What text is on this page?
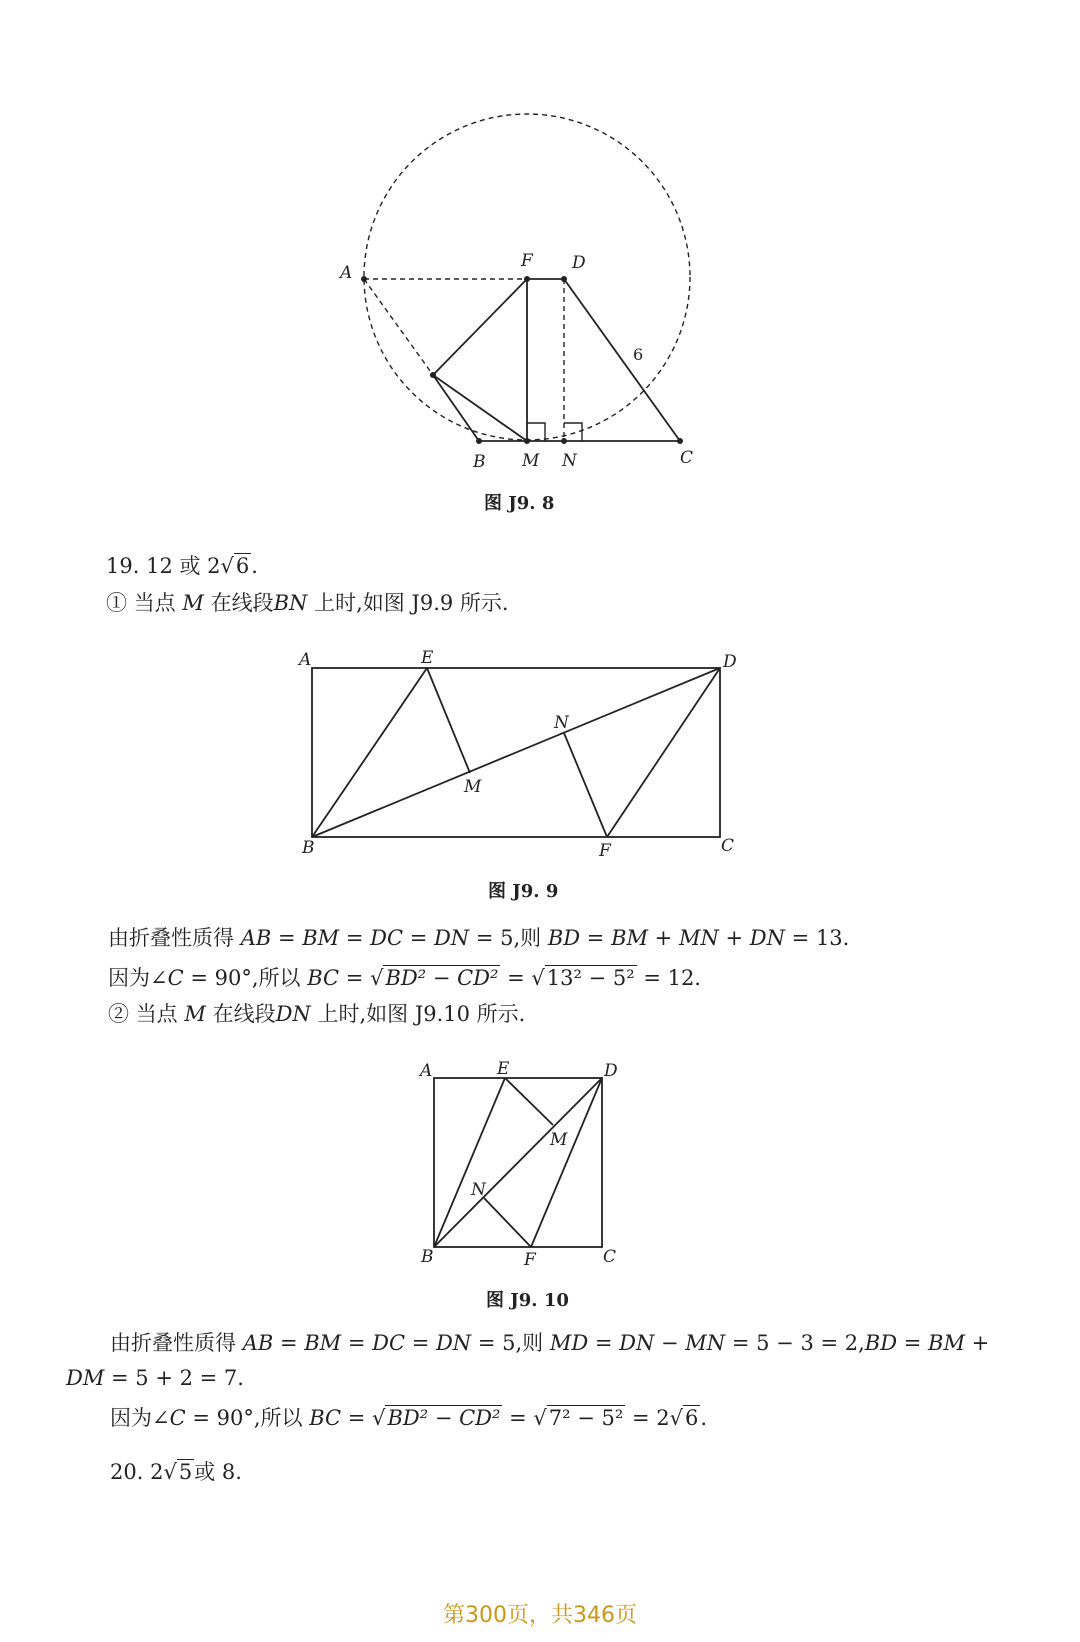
A
F D
6
B M N	C
图 J9. 8
19. 12 或 2√6.
① 当点 M 在线段BN 上时,如图 J9.9 所示.
A	E	D
N
M
B	F	C
图 J9. 9
由折叠性质得 AB = BM = DC = DN = 5,则 BD = BM + MN + DN = 13.
因为∠C = 90°,所以 BC = √BD² − CD² = √13² − 5² = 12.
② 当点 M 在线段DN 上时,如图 J9.10 所示.
A	E	D
M
N
B	F	C
图 J9. 10
由折叠性质得 AB = BM = DC = DN = 5,则 MD = DN − MN = 5 − 3 = 2,BD = BM +
DM = 5 + 2 = 7.
因为∠C = 90°,所以 BC = √BD² − CD² = √7² − 5² = 2√6.
20. 2√5或 8.
第300页，共346页
